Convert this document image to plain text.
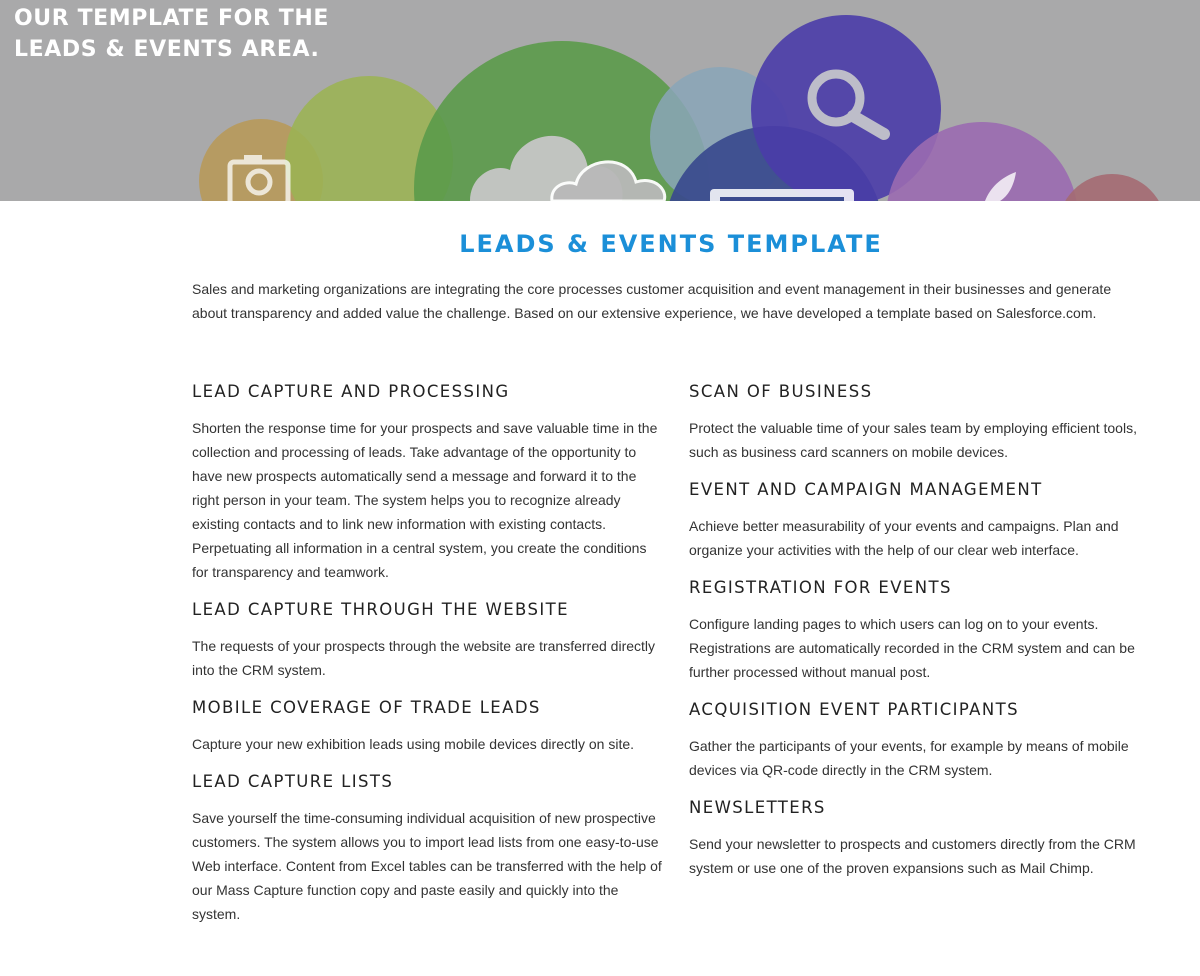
OUR TEMPLATE FOR THE
LEADS & EVENTS AREA.
LEADS & EVENTS TEMPLATE

Sales and marketing organizations are integrating the core processes customer acquisition and event management in their businesses and generate about transparency and added value the challenge. Based on our extensive experience, we have developed a template based on Salesforce.com.

LEAD CAPTURE AND PROCESSING

Shorten the response time for your prospects and save valuable time in the collection and processing of leads. Take advantage of the opportunity to have new prospects automatically send a message and forward it to the right person in your team. The system helps you to recognize already existing contacts and to link new information with existing contacts. Perpetuating all information in a central system, you create the conditions for transparency and teamwork.

LEAD CAPTURE THROUGH THE WEBSITE

The requests of your prospects through the website are transferred directly into the CRM system.

MOBILE COVERAGE OF TRADE LEADS

Capture your new exhibition leads using mobile devices directly on site.

LEAD CAPTURE LISTS

Save yourself the time-consuming individual acquisition of new prospective customers. The system allows you to import lead lists from one easy-to-use Web interface. Content from Excel tables can be transferred with the help of our Mass Capture function copy and paste easily and quickly into the system.

SCAN OF BUSINESS

Protect the valuable time of your sales team by employing efficient tools, such as business card scanners on mobile devices.

EVENT AND CAMPAIGN MANAGEMENT

Achieve better measurability of your events and campaigns. Plan and organize your activities with the help of our clear web interface.

REGISTRATION FOR EVENTS

Configure landing pages to which users can log on to your events. Registrations are automatically recorded in the CRM system and can be further processed without manual post.

ACQUISITION EVENT PARTICIPANTS

Gather the participants of your events, for example by means of mobile devices via QR-code directly in the CRM system.

NEWSLETTERS

Send your newsletter to prospects and customers directly from the CRM system or use one of the proven expansions such as Mail Chimp.
